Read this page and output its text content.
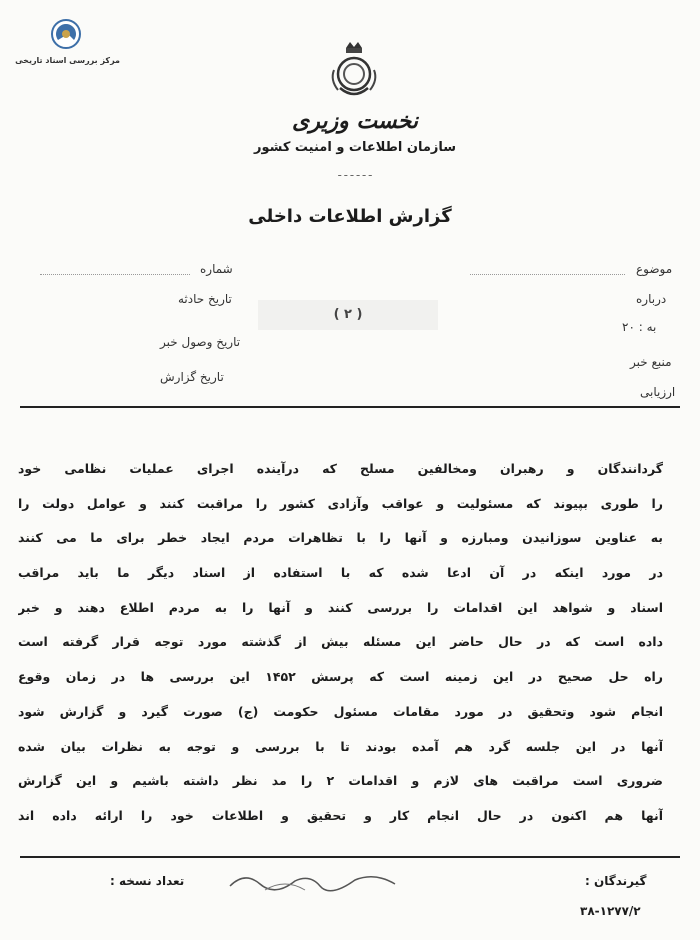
مرکز بررسی اسناد تاریخی
نخست وزیری
سازمان اطلاعات و امنیت کشور
ـ ـ ـ ـ ـ ـ
گزارش اطلاعات داخلی
شماره
تاریخ حادثه
تاریخ وصول خبر
تاریخ گزارش
موضوع
درباره
به : ۲۰
منبع خبر
ارزیابی
( ۲ )
گردانندگان و رهبران ومخالفین مسلح که درآینده اجرای عملیات نظامی خود
را طوری بپیوند که مسئولیت و عواقب وآزادی کشور را مراقبت کنند و عوامل دولت را
به عناوین سوزانیدن ومبارزه و آنها را با تظاهرات مردم ایجاد خطر برای ما می کنند
در مورد اینکه در آن ادعا شده که با استفاده از اسناد دیگر ما باید مراقب
اسناد و شواهد این اقدامات را بررسی کنند و آنها را به مردم اطلاع دهند و خبر
داده است که در حال حاضر این مسئله بیش از گذشته مورد توجه قرار گرفته است
راه حل صحیح در این زمینه است که پرسش ۱۴۵۲ این بررسی ها در زمان وقوع
انجام شود وتحقیق در مورد مقامات مسئول حکومت (ج) صورت گیرد و گزارش شود
آنها در این جلسه گرد هم آمده بودند تا با بررسی و توجه به نظرات بیان شده
ضروری است مراقبت های لازم و اقدامات ۲ را مد نظر داشته باشیم و این گزارش
آنها هم اکنون در حال انجام کار و تحقیق و اطلاعات خود را ارائه داده اند
گیرندگان :
تعداد نسخه :
۳۸-۱۲۷۷/۲
